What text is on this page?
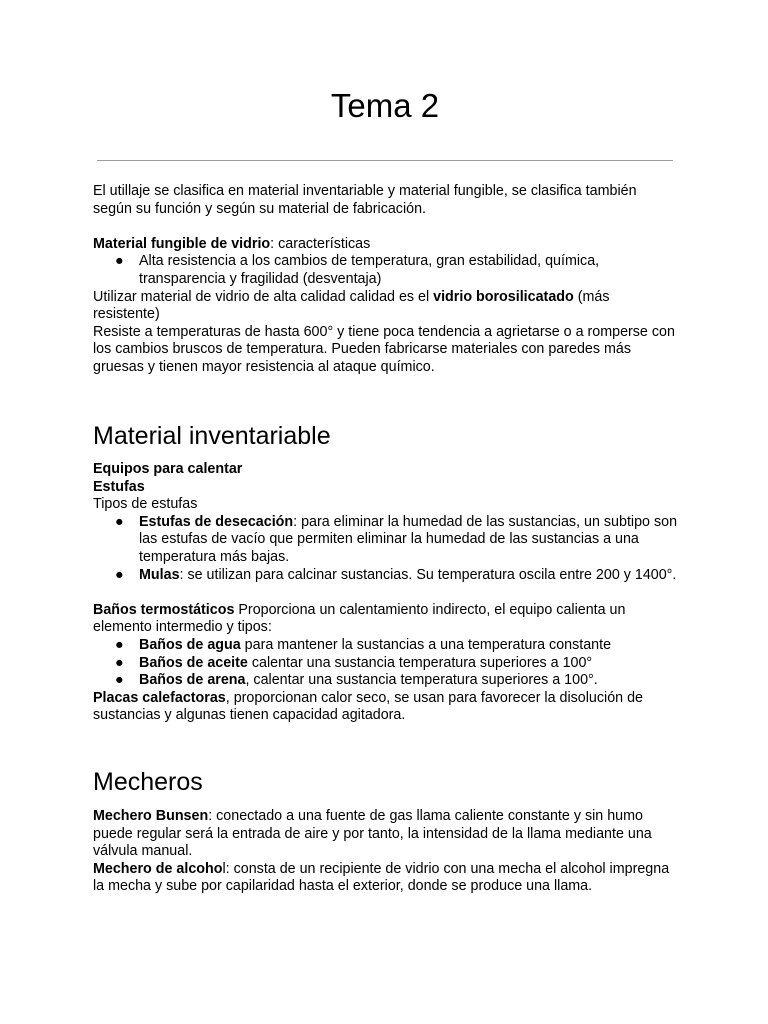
Tema 2

El utillaje se clasifica en material inventariable y material fungible, se clasifica también según su función y según su material de fabricación.

Material fungible de vidrio: características

● Alta resistencia a los cambios de temperatura, gran estabilidad, química, transparencia y fragilidad (desventaja)

Utilizar material de vidrio de alta calidad calidad es el vidrio borosilicatado (más resistente)

Resiste a temperaturas de hasta 600° y tiene poca tendencia a agrietarse o a romperse con los cambios bruscos de temperatura. Pueden fabricarse materiales con paredes más gruesas y tienen mayor resistencia al ataque químico.

Material inventariable

Equipos para calentar

Estufas

Tipos de estufas

● Estufas de desecación: para eliminar la humedad de las sustancias, un subtipo son las estufas de vacío que permiten eliminar la humedad de las sustancias a una temperatura más bajas.
● Mulas: se utilizan para calcinar sustancias. Su temperatura oscila entre 200 y 1400°.

Baños termostáticos Proporciona un calentamiento indirecto, el equipo calienta un elemento intermedio y tipos:

● Baños de agua para mantener la sustancias a una temperatura constante
● Baños de aceite calentar una sustancia temperatura superiores a 100°
● Baños de arena, calentar una sustancia temperatura superiores a 100°.

Placas calefactoras, proporcionan calor seco, se usan para favorecer la disolución de sustancias y algunas tienen capacidad agitadora.

Mecheros

Mechero Bunsen: conectado a una fuente de gas llama caliente constante y sin humo puede regular será la entrada de aire y por tanto, la intensidad de la llama mediante una válvula manual.

Mechero de alcohol: consta de un recipiente de vidrio con una mecha el alcohol impregna la mecha y sube por capilaridad hasta el exterior, donde se produce una llama.
